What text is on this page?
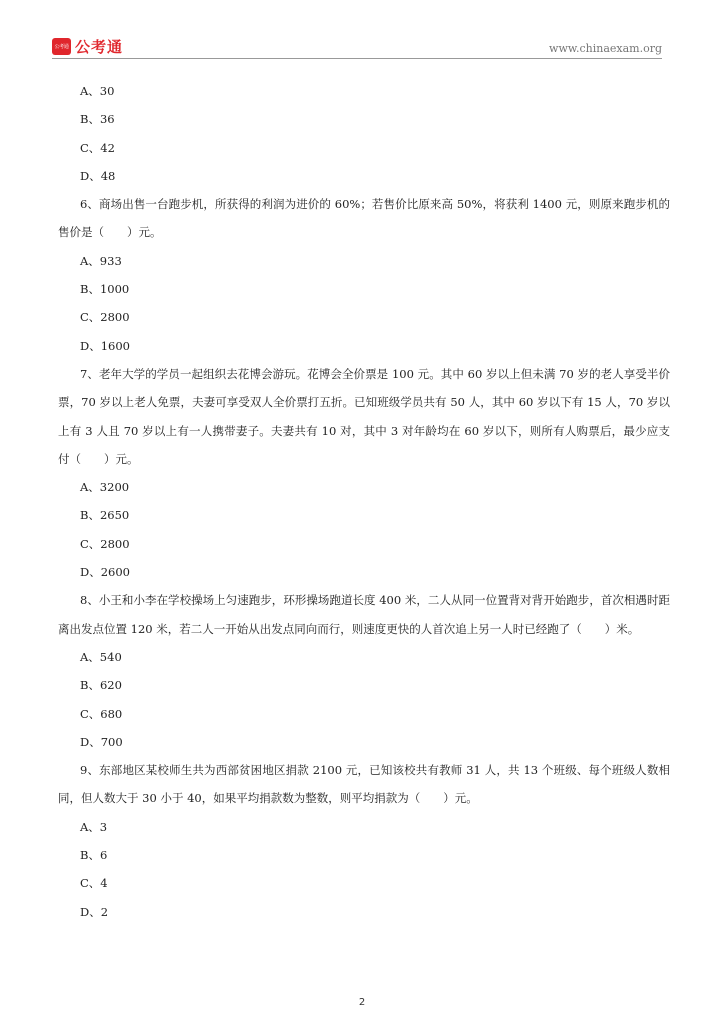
公考通 公考通	www.chinaexam.org
A、30
B、36
C、42
D、48

6、商场出售一台跑步机，所获得的利润为进价的 60%；若售价比原来高 50%，将获利 1400 元，则原来跑步机的售价是（　　）元。

A、933
B、1000
C、2800
D、1600

7、老年大学的学员一起组织去花博会游玩。花博会全价票是 100 元。其中 60 岁以上但未满 70 岁的老人享受半价票，70 岁以上老人免票，夫妻可享受双人全价票打五折。已知班级学员共有 50 人，其中 60 岁以下有 15 人，70 岁以上有 3 人且 70 岁以上有一人携带妻子。夫妻共有 10 对，其中 3 对年龄均在 60 岁以下，则所有人购票后，最少应支付（　　）元。

A、3200
B、2650
C、2800
D、2600

8、小王和小李在学校操场上匀速跑步，环形操场跑道长度 400 米，二人从同一位置背对背开始跑步，首次相遇时距离出发点位置 120 米，若二人一开始从出发点同向而行，则速度更快的人首次追上另一人时已经跑了（　　）米。

A、540
B、620
C、680
D、700

9、东部地区某校师生共为西部贫困地区捐款 2100 元，已知该校共有教师 31 人，共 13 个班级、每个班级人数相同，但人数大于 30 小于 40，如果平均捐款数为整数，则平均捐款为（　　）元。

A、3
B、6
C、4
D、2
2
